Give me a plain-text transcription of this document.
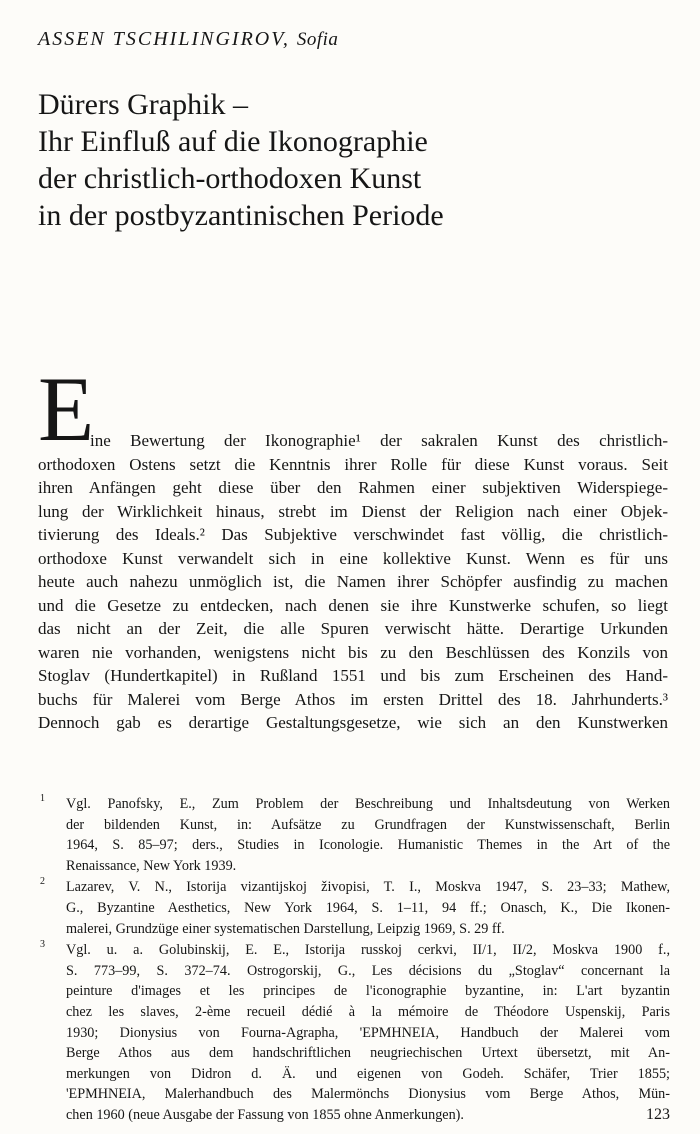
ASSEN TSCHILINGIROV, Sofia
Dürers Graphik –
Ihr Einfluß auf die Ikonographie
der christlich-orthodoxen Kunst
in der postbyzantinischen Periode
E
ine Bewertung der Ikonographie¹ der sakralen Kunst des christlich-
orthodoxen Ostens setzt die Kenntnis ihrer Rolle für diese Kunst voraus. Seit
ihren Anfängen geht diese über den Rahmen einer subjektiven Widerspiege-
lung der Wirklichkeit hinaus, strebt im Dienst der Religion nach einer Objek-
tivierung des Ideals.² Das Subjektive verschwindet fast völlig, die christlich-
orthodoxe Kunst verwandelt sich in eine kollektive Kunst. Wenn es für uns
heute auch nahezu unmöglich ist, die Namen ihrer Schöpfer ausfindig zu machen
und die Gesetze zu entdecken, nach denen sie ihre Kunstwerke schufen, so liegt
das nicht an der Zeit, die alle Spuren verwischt hätte. Derartige Urkunden
waren nie vorhanden, wenigstens nicht bis zu den Beschlüssen des Konzils von
Stoglav (Hundertkapitel) in Rußland 1551 und bis zum Erscheinen des Hand-
buchs für Malerei vom Berge Athos im ersten Drittel des 18. Jahrhunderts.³
Dennoch gab es derartige Gestaltungsgesetze, wie sich an den Kunstwerken
1 Vgl. Panofsky, E., Zum Problem der Beschreibung und Inhaltsdeutung von Werken
der bildenden Kunst, in: Aufsätze zu Grundfragen der Kunstwissenschaft, Berlin
1964, S. 85–97; ders., Studies in Iconologie. Humanistic Themes in the Art of the
Renaissance, New York 1939.
2 Lazarev, V. N., Istorija vizantijskoj živopisi, T. I., Moskva 1947, S. 23–33; Mathew,
G., Byzantine Aesthetics, New York 1964, S. 1–11, 94 ff.; Onasch, K., Die Ikonen-
malerei, Grundzüge einer systematischen Darstellung, Leipzig 1969, S. 29 ff.
3 Vgl. u. a. Golubinskij, E. E., Istorija russkoj cerkvi, II/1, II/2, Moskva 1900 f.,
S. 773–99, S. 372–74. Ostrogorskij, G., Les décisions du „Stoglav“ concernant la
peinture d'images et les principes de l'iconographie byzantine, in: L'art byzantin
chez les slaves, 2-ème recueil dédié à la mémoire de Théodore Uspenskij, Paris
1930; Dionysius von Fourna-Agrapha, 'EPMHNEIA, Handbuch der Malerei vom
Berge Athos aus dem handschriftlichen neugriechischen Urtext übersetzt, mit An-
merkungen von Didron d. Ä. und eigenen von Godeh. Schäfer, Trier 1855;
'EPMHNEIA, Malerhandbuch des Malermönchs Dionysius vom Berge Athos, Mün-
chen 1960 (neue Ausgabe der Fassung von 1855 ohne Anmerkungen).	123
